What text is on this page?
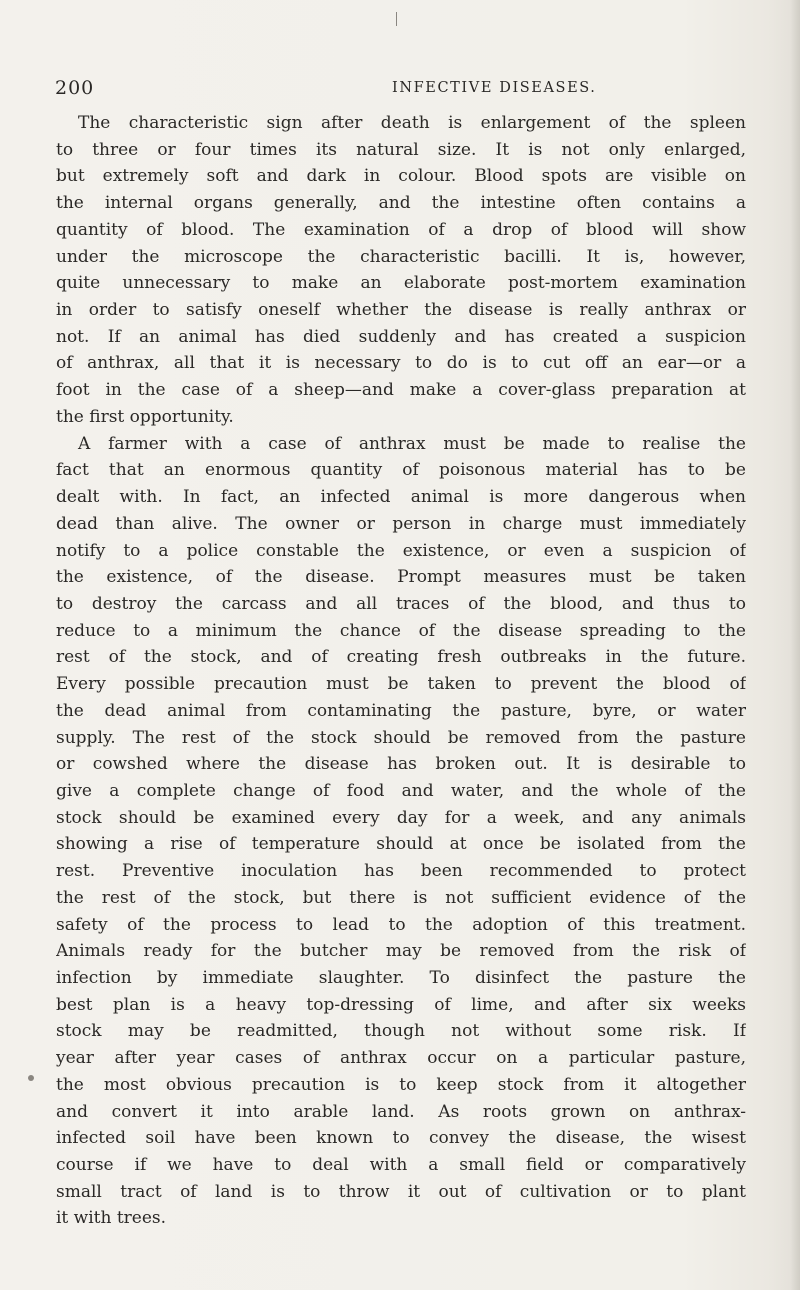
200	INFECTIVE DISEASES.
The characteristic sign after death is enlargement of the spleen
to three or four times its natural size. It is not only enlarged,
but extremely soft and dark in colour. Blood spots are visible on
the internal organs generally, and the intestine often contains a
quantity of blood. The examination of a drop of blood will show
under the microscope the characteristic bacilli. It is, however,
quite unnecessary to make an elaborate post-mortem examination
in order to satisfy oneself whether the disease is really anthrax or
not. If an animal has died suddenly and has created a suspicion
of anthrax, all that it is necessary to do is to cut off an ear—or a
foot in the case of a sheep—and make a cover-glass preparation at
the first opportunity.
A farmer with a case of anthrax must be made to realise the
fact that an enormous quantity of poisonous material has to be
dealt with. In fact, an infected animal is more dangerous when
dead than alive. The owner or person in charge must immediately
notify to a police constable the existence, or even a suspicion of
the existence, of the disease. Prompt measures must be taken
to destroy the carcass and all traces of the blood, and thus to
reduce to a minimum the chance of the disease spreading to the
rest of the stock, and of creating fresh outbreaks in the future.
Every possible precaution must be taken to prevent the blood of
the dead animal from contaminating the pasture, byre, or water
supply. The rest of the stock should be removed from the pasture
or cowshed where the disease has broken out. It is desirable to
give a complete change of food and water, and the whole of the
stock should be examined every day for a week, and any animals
showing a rise of temperature should at once be isolated from the
rest. Preventive inoculation has been recommended to protect
the rest of the stock, but there is not sufficient evidence of the
safety of the process to lead to the adoption of this treatment.
Animals ready for the butcher may be removed from the risk of
infection by immediate slaughter. To disinfect the pasture the
best plan is a heavy top-dressing of lime, and after six weeks
stock may be readmitted, though not without some risk. If
year after year cases of anthrax occur on a particular pasture,
the most obvious precaution is to keep stock from it altogether
and convert it into arable land. As roots grown on anthrax-
infected soil have been known to convey the disease, the wisest
course if we have to deal with a small field or comparatively
small tract of land is to throw it out of cultivation or to plant
it with trees.
